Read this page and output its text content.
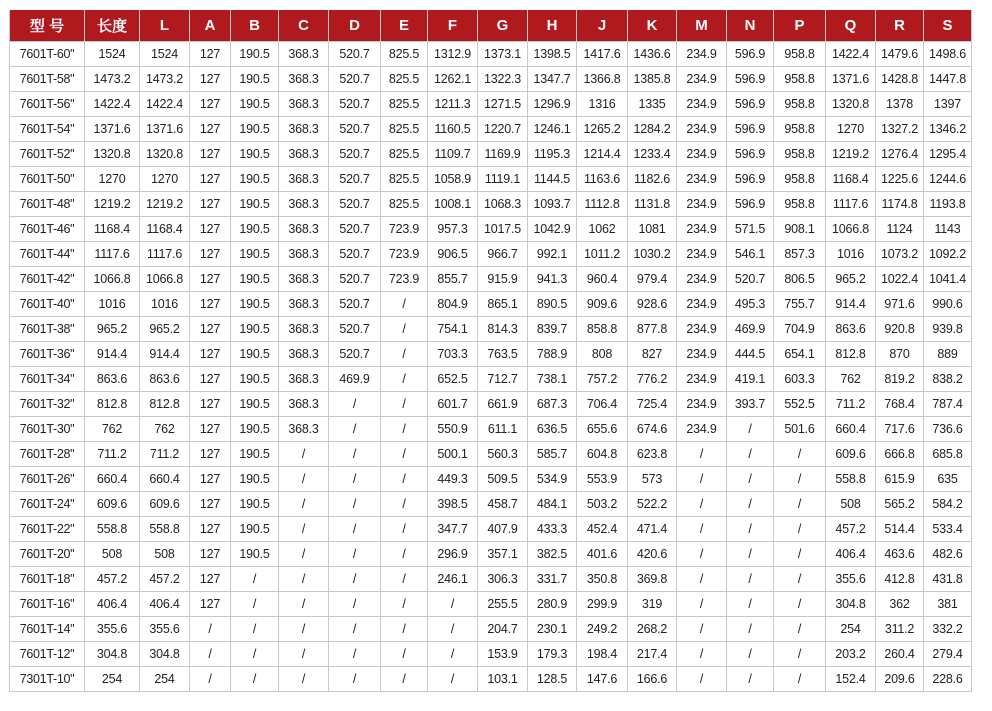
型 号	长度	L	A	B	C	D	E	F	G	H	J	K	M	N	P	Q	R	S
7601T-60"	1524	1524	127	190.5	368.3	520.7	825.5	1312.9	1373.1	1398.5	1417.6	1436.6	234.9	596.9	958.8	1422.4	1479.6	1498.6
7601T-58"	1473.2	1473.2	127	190.5	368.3	520.7	825.5	1262.1	1322.3	1347.7	1366.8	1385.8	234.9	596.9	958.8	1371.6	1428.8	1447.8
7601T-56"	1422.4	1422.4	127	190.5	368.3	520.7	825.5	1211.3	1271.5	1296.9	1316	1335	234.9	596.9	958.8	1320.8	1378	1397
7601T-54"	1371.6	1371.6	127	190.5	368.3	520.7	825.5	1160.5	1220.7	1246.1	1265.2	1284.2	234.9	596.9	958.8	1270	1327.2	1346.2
7601T-52"	1320.8	1320.8	127	190.5	368.3	520.7	825.5	1109.7	1169.9	1195.3	1214.4	1233.4	234.9	596.9	958.8	1219.2	1276.4	1295.4
7601T-50"	1270	1270	127	190.5	368.3	520.7	825.5	1058.9	1119.1	1144.5	1163.6	1182.6	234.9	596.9	958.8	1168.4	1225.6	1244.6
7601T-48"	1219.2	1219.2	127	190.5	368.3	520.7	825.5	1008.1	1068.3	1093.7	1112.8	1131.8	234.9	596.9	958.8	1117.6	1174.8	1193.8
7601T-46"	1168.4	1168.4	127	190.5	368.3	520.7	723.9	957.3	1017.5	1042.9	1062	1081	234.9	571.5	908.1	1066.8	1124	1143
7601T-44"	1117.6	1117.6	127	190.5	368.3	520.7	723.9	906.5	966.7	992.1	1011.2	1030.2	234.9	546.1	857.3	1016	1073.2	1092.2
7601T-42"	1066.8	1066.8	127	190.5	368.3	520.7	723.9	855.7	915.9	941.3	960.4	979.4	234.9	520.7	806.5	965.2	1022.4	1041.4
7601T-40"	1016	1016	127	190.5	368.3	520.7	/	804.9	865.1	890.5	909.6	928.6	234.9	495.3	755.7	914.4	971.6	990.6
7601T-38"	965.2	965.2	127	190.5	368.3	520.7	/	754.1	814.3	839.7	858.8	877.8	234.9	469.9	704.9	863.6	920.8	939.8
7601T-36"	914.4	914.4	127	190.5	368.3	520.7	/	703.3	763.5	788.9	808	827	234.9	444.5	654.1	812.8	870	889
7601T-34"	863.6	863.6	127	190.5	368.3	469.9	/	652.5	712.7	738.1	757.2	776.2	234.9	419.1	603.3	762	819.2	838.2
7601T-32"	812.8	812.8	127	190.5	368.3	/	/	601.7	661.9	687.3	706.4	725.4	234.9	393.7	552.5	711.2	768.4	787.4
7601T-30"	762	762	127	190.5	368.3	/	/	550.9	611.1	636.5	655.6	674.6	234.9	/	501.6	660.4	717.6	736.6
7601T-28"	711.2	711.2	127	190.5	/	/	/	500.1	560.3	585.7	604.8	623.8	/	/	/	609.6	666.8	685.8
7601T-26"	660.4	660.4	127	190.5	/	/	/	449.3	509.5	534.9	553.9	573	/	/	/	558.8	615.9	635
7601T-24"	609.6	609.6	127	190.5	/	/	/	398.5	458.7	484.1	503.2	522.2	/	/	/	508	565.2	584.2
7601T-22"	558.8	558.8	127	190.5	/	/	/	347.7	407.9	433.3	452.4	471.4	/	/	/	457.2	514.4	533.4
7601T-20"	508	508	127	190.5	/	/	/	296.9	357.1	382.5	401.6	420.6	/	/	/	406.4	463.6	482.6
7601T-18"	457.2	457.2	127	/	/	/	/	246.1	306.3	331.7	350.8	369.8	/	/	/	355.6	412.8	431.8
7601T-16"	406.4	406.4	127	/	/	/	/	/	255.5	280.9	299.9	319	/	/	/	304.8	362	381
7601T-14"	355.6	355.6	/	/	/	/	/	/	204.7	230.1	249.2	268.2	/	/	/	254	311.2	332.2
7601T-12"	304.8	304.8	/	/	/	/	/	/	153.9	179.3	198.4	217.4	/	/	/	203.2	260.4	279.4
7301T-10"	254	254	/	/	/	/	/	/	103.1	128.5	147.6	166.6	/	/	/	152.4	209.6	228.6
